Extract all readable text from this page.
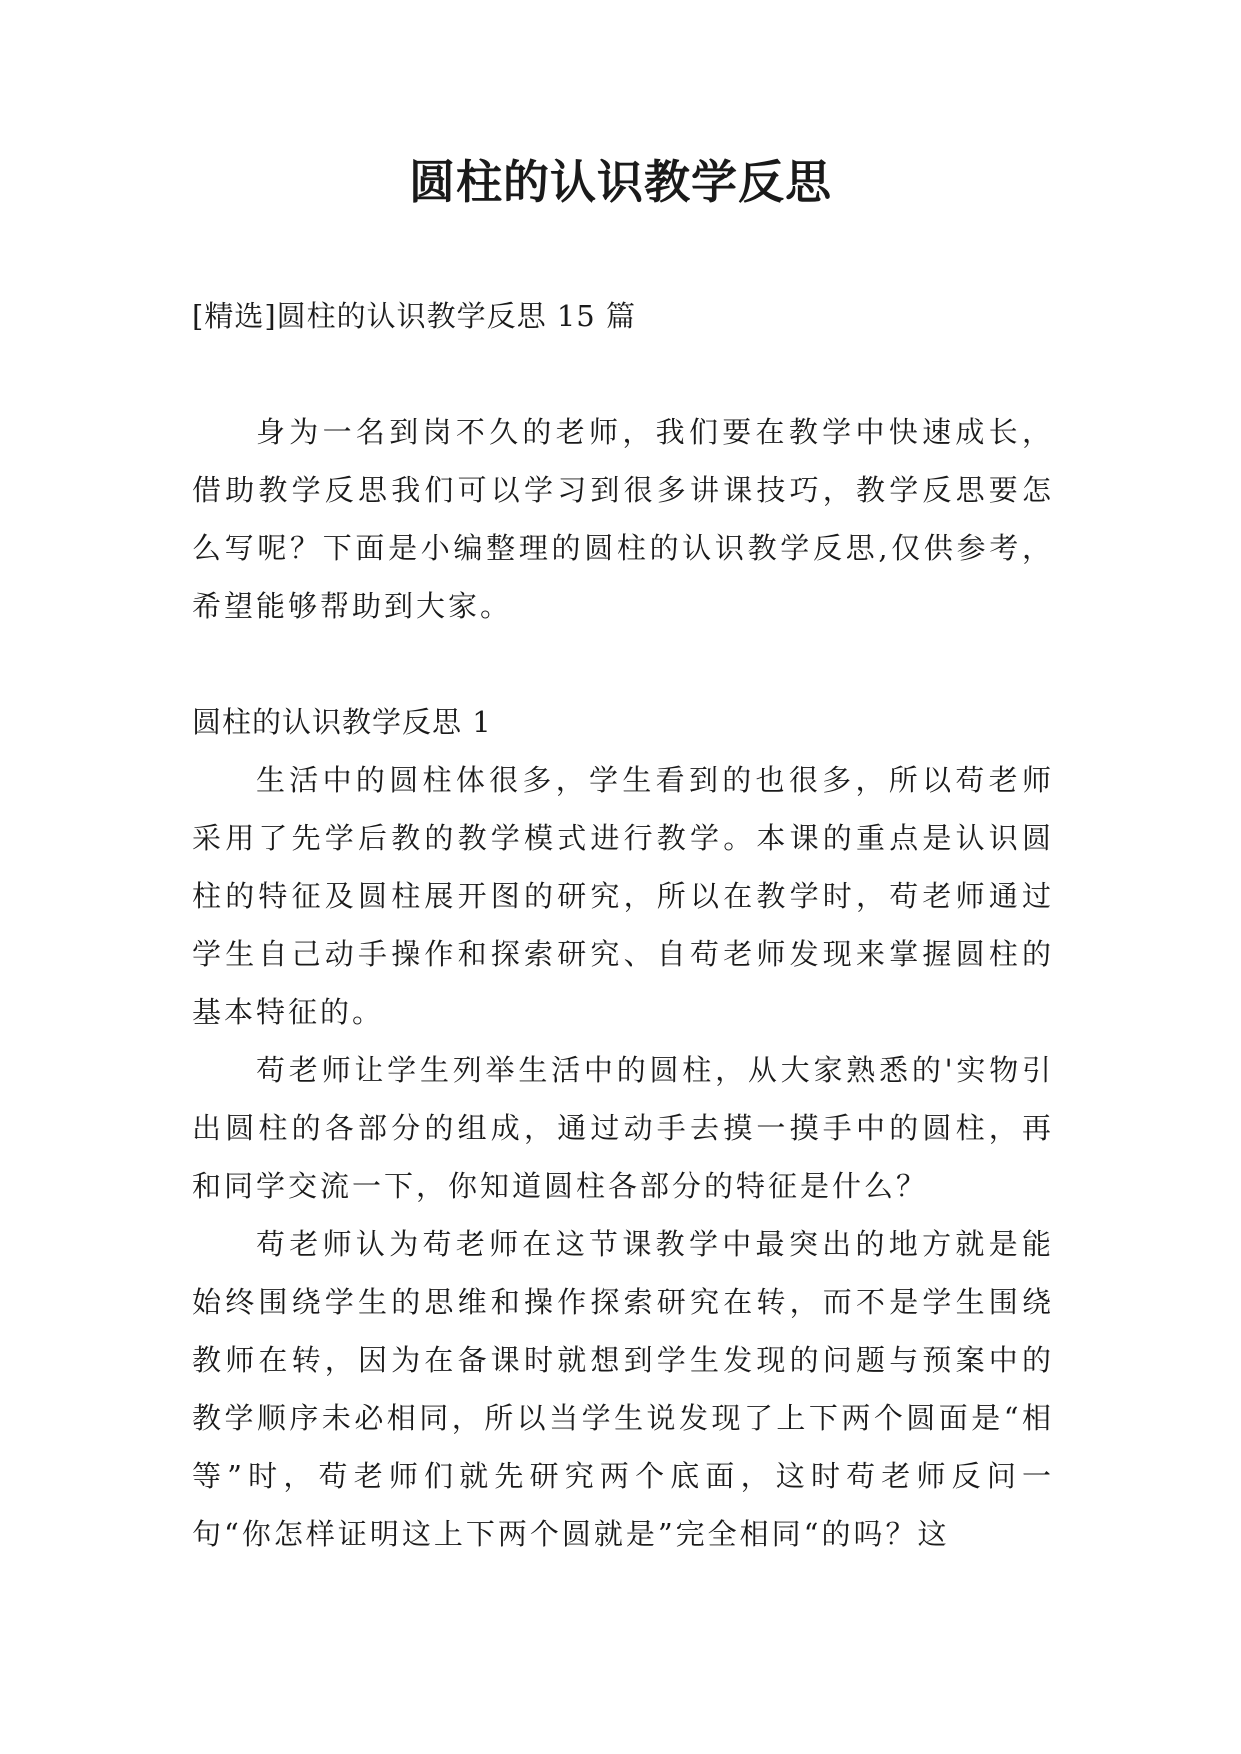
圆柱的认识教学反思

[精选]圆柱的认识教学反思 15 篇

身为一名到岗不久的老师，我们要在教学中快速成长，借助教学反思我们可以学习到很多讲课技巧，教学反思要怎么写呢？下面是小编整理的圆柱的认识教学反思,仅供参考，希望能够帮助到大家。

圆柱的认识教学反思 1

生活中的圆柱体很多，学生看到的也很多，所以苟老师采用了先学后教的教学模式进行教学。本课的重点是认识圆柱的特征及圆柱展开图的研究，所以在教学时，苟老师通过学生自己动手操作和探索研究、自苟老师发现来掌握圆柱的基本特征的。

苟老师让学生列举生活中的圆柱，从大家熟悉的'实物引出圆柱的各部分的组成，通过动手去摸一摸手中的圆柱，再和同学交流一下，你知道圆柱各部分的特征是什么？

苟老师认为苟老师在这节课教学中最突出的地方就是能始终围绕学生的思维和操作探索研究在转，而不是学生围绕教师在转，因为在备课时就想到学生发现的问题与预案中的教学顺序未必相同，所以当学生说发现了上下两个圆面是“相等”时，苟老师们就先研究两个底面，这时苟老师反问一句“你怎样证明这上下两个圆就是”完全相同“的吗？这
